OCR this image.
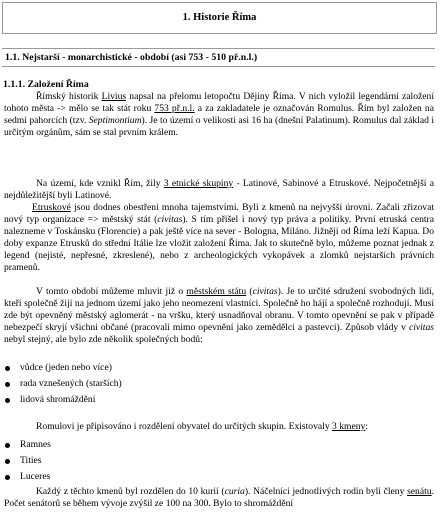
1. Historie Říma
1.1. Nejstarší - monarchistické - období (asi 753 - 510 př.n.l.)
1.1.1. Založení Říma
Římský historik Livius napsal na přelomu letopočtu Dějiny Říma. V nich vyložil legendární založení tohoto města -> mělo se tak stát roku 753 př.n.l. a za zakladatele je označován Romulus. Řím byl založen na sedmi pahorcích (tzv. Septimontium). Je to území o velikosti asi 16 ha (dnešní Palatinum). Romulus dal základ i určitým orgánům, sám se stal prvním králem.
Na území, kde vznikl Řím, žily 3 etnické skupiny - Latinové, Sabinové a Etruskové. Nejpočetnější a nejdůležitější byli Latinové.
Etruskové jsou dodnes obestřeni mnoha tajemstvími. Byli z kmenů na nejvyšší úrovni. Začali zřizovat nový typ organizace => městský stát (civitas). S tím přišel i nový typ práva a politiky. První etruská centra nalezneme v Toskánsku (Florencie) a pak ještě více na sever - Bologna, Miláno. Jižněji od Říma leží Kapua. Do doby expanze Etrusků do střední Itálie lze vložit založení Říma. Jak to skutečně bylo, můžeme poznat jednak z legend (nejisté, nepřesné, zkreslené), nebo z archeologických vykopávek a zlomků nejstarších právních pramenů.
V tomto období můžeme mluvit již o městském státu (civitas). Je to určité sdružení svobodných lidí, kteří společně žijí na jednom území jako jeho neomezení vlastníci. Společně ho hájí a společně rozhodují. Musí zde být opevněný městský aglomerát - na vršku, který usnadňoval obranu. V tomto opevnění se pak v případě nebezpečí skryjí všichni občané (pracovali mimo opevnění jako zemědělci a pastevci). Způsob vlády v civitas nebyl stejný, ale bylo zde několik společných bodů:
vůdce (jeden nebo více)
rada vznešených (starších)
lidová shromáždění
Romulovi je připisováno i rozdělení obyvatel do určitých skupin. Existovaly 3 kmeny:
Ramnes
Tities
Luceres
Každý z těchto kmenů byl rozdělen do 10 kurií (curia). Náčelníci jednotlivých rodin byli členy senátu. Počet senátorů se během vývoje zvýšil ze 100 na 300. Bylo to shromáždění
